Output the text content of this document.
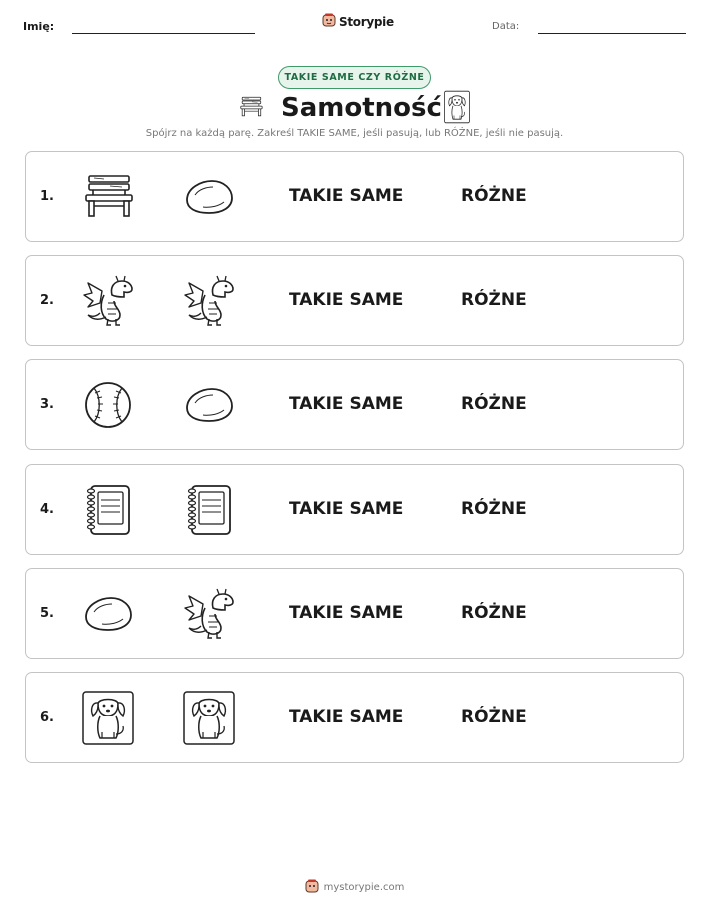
Imię:	Storypie	Data:
TAKIE SAME CZY RÓŻNE
Samotność
Spójrz na każdą parę. Zakreśl TAKIE SAME, jeśli pasują, lub RÓŻNE, jeśli nie pasują.
1.	TAKIE SAME	RÓŻNE
2.	TAKIE SAME	RÓŻNE
3.	TAKIE SAME	RÓŻNE
4.	TAKIE SAME	RÓŻNE
5.	TAKIE SAME	RÓŻNE
6.	TAKIE SAME	RÓŻNE
mystorypie.com
